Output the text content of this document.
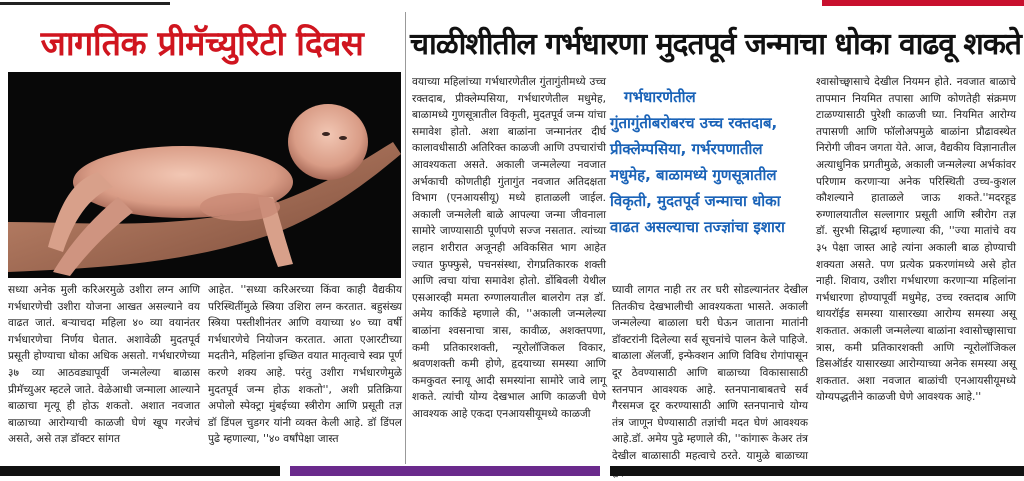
जागतिक प्रीमॅच्युरिटी दिवस	चाळीशीतील गर्भधारणा मुदतपूर्व जन्माचा धोका वाढवू शकते

सध्या अनेक मुली करिअरमुळे उशीरा लग्न आणि गर्भधारणेची उशीरा योजना आखत असल्याने वय वाढत जातं. बऱ्याचदा महिला ४० व्या वयानंतर गर्भधारणेचा निर्णय घेतात. अशावेळी मुदतपूर्व प्रसूती होण्याचा धोका अधिक असतो. गर्भधारणेच्या ३७ व्या आठवड्यापूर्वी जन्मलेल्या बाळास प्रीमॅच्युअर म्हटले जाते. वेळेआधी जन्माला आल्याने बाळाचा मृत्यू ही होऊ शकतो. अशात नवजात बाळाच्या आरोग्याची काळजी घेणं खूप गरजेचं असते, असे तज्ञ डॉक्टर सांगत

आहेत. ''सध्या करिअरच्या किंवा काही वैद्यकीय परिस्थितींमुळे स्त्रिया उशिरा लग्न करतात. बहुसंख्य स्त्रिया पस्तीशीनंतर आणि वयाच्या ४० च्या वर्षी गर्भधारणेचे नियोजन करतात. आता एआरटीच्या मदतीने, महिलांना इच्छित वयात मातृत्वाचे स्वप्न पूर्ण करणे शक्य आहे. परंतु उशीरा गर्भधारणेमुळे मुदतपूर्व जन्म होऊ शकतो'', अशी प्रतिक्रिया अपोलो स्पेक्ट्रा मुंबईच्या स्त्रीरोग आणि प्रसूती तज्ञ डॉ डिंपल चुडगर यांनी व्यक्त केली आहे. डॉ डिंपल पुढे म्हणाल्या, ''४० वर्षांपेक्षा जास्त

वयाच्या महिलांच्या गर्भधारणेतील गुंतागुंतीमध्ये उच्च रक्तदाब, प्रीक्लेम्पसिया, गर्भधारणेतील मधुमेह, बाळामध्ये गुणसूत्रातील विकृती, मुदतपूर्व जन्म यांचा समावेश होतो. अशा बाळांना जन्मानंतर दीर्घ कालावधीसाठी अतिरिक्त काळजी आणि उपचारांची आवश्यकता असते. अकाली जन्मलेल्या नवजात अर्भकाची कोणतीही गुंतागुंत नवजात अतिदक्षता विभाग (एनआयसीयू) मध्ये हाताळली जाईल. अकाली जन्मलेली बाळे आपल्या जन्मा जीवनाला सामोरे जाण्यासाठी पूर्णपणे सज्ज नसतात. त्यांच्या लहान शरीरात अजूनही अविकसित भाग आहेत ज्यात फुफ्फुसे, पचनसंस्था, रोगप्रतिकारक शक्ती आणि त्वचा यांचा समावेश होतो. डोंबिवली येथील एसआरव्ही ममता रुग्णालयातील बालरोग तज्ञ डॉ. अमेय कार्किडे म्हणाले की, ''अकाली जन्मलेल्या बाळांना श्वसनाचा त्रास, कावीळ, अशक्तपणा, कमी प्रतिकारशक्ती, न्यूरोलॉजिकल विकार, श्रवणशक्ती कमी होणे, हृदयाच्या समस्या आणि कमकुवत स्नायू आदी समस्यांना सामोरे जावे लागू शकते. त्यांची योग्य देखभाल आणि काळजी घेणे आवश्यक आहे एकदा एनआयसीयूमध्ये काळजी

गर्भधारणेतील
गुंतागुंतीबरोबरच उच्च रक्तदाब,
प्रीक्लेम्पसिया, गर्भरपणातील
मधुमेह, बाळामध्ये गुणसूत्रातील
विकृती, मुदतपूर्व जन्माचा धोका
वाढत असल्याचा तज्ज्ञांचा इशारा

घ्यावी लागत नाही तर तर घरी सोडल्यानंतर देखील तितकीच देखभालीची आवश्यकता भासते. अकाली जन्मलेल्या बाळाला घरी घेऊन जाताना मातांनी डॉक्टरांनी दिलेल्या सर्व सूचनांचे पालन केले पाहिजे. बाळाला ॲलर्जी, इन्फेक्शन आणि विविध रोगांपासून दूर ठेवण्यासाठी आणि बाळाच्या विकासासाठी स्तनपान आवश्यक आहे. स्तनपानाबाबतचे सर्व गैरसमज दूर करण्यासाठी आणि स्तनपानाचे योग्य तंत्र जाणून घेण्यासाठी तज्ञांची मदत घेणं आवश्यक आहे.डॉ. अमेय पुढे म्हणाले की, ''कांगारू केअर तंत्र देखील बाळासाठी महत्वाचे ठरते. यामुळे बाळाच्या

श्वासोच्छ्वासाचे देखील नियमन होते. नवजात बाळाचे तापमान नियमित तपासा आणि कोणतेही संक्रमण टाळण्यासाठी पुरेशी काळजी घ्या. नियमित आरोग्य तपासणी आणि फॉलोअपमुळे बाळांना प्रौढावस्थेत निरोगी जीवन जगता येते. आज, वैद्यकीय विज्ञानातील अत्याधुनिक प्रगतीमुळे, अकाली जन्मलेल्या अर्भकांवर परिणाम करणाऱ्या अनेक परिस्थिती उच्च-कुशल कौशल्याने हाताळले जाऊ शकते.''मदरहूड रुग्णालयातील सल्लागार प्रसूती आणि स्त्रीरोग तज्ञ डॉ. सुरभी सिद्धार्थ म्हणाल्या की, ''ज्या मातांचे वय ३५ पेक्षा जास्त आहे त्यांना अकाली बाळ होण्याची शक्यता असते. पण प्रत्येक प्रकरणांमध्ये असे होत नाही. शिवाय, उशीरा गर्भधारणा करणाऱ्या महिलांना गर्भधारणा होण्यापूर्वी मधुमेह, उच्च रक्तदाब आणि थायरॉईड समस्या यासारख्या आरोग्य समस्या असू शकतात. अकाली जन्मलेल्या बाळांना श्वासोच्छ्वासाचा त्रास, कमी प्रतिकारशक्ती आणि न्यूरोलॉजिकल डिसऑर्डर यासारख्या आरोग्याच्या अनेक समस्या असू शकतात. अशा नवजात बाळांची एनआयसीयूमध्ये योग्यपद्धतीने काळजी घेणे आवश्यक आहे.''
